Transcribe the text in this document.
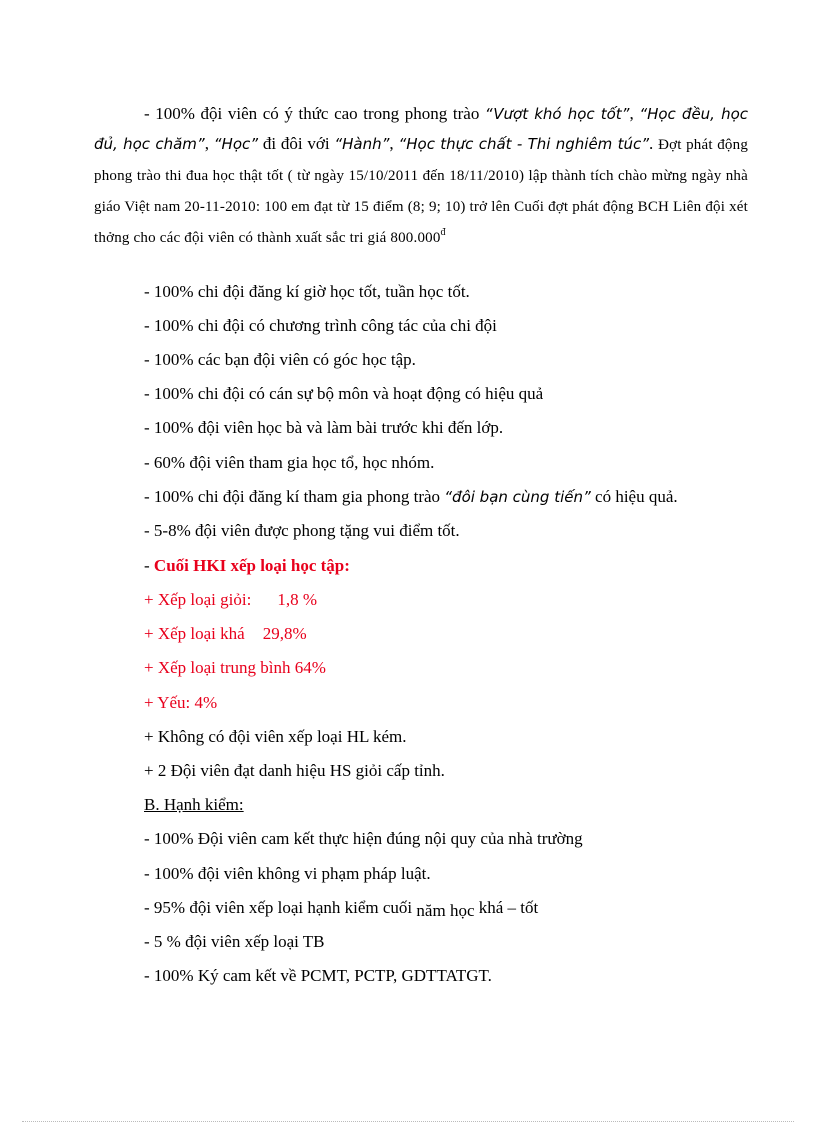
- 100% đội viên có ý thức cao trong phong trào “Vượt khó học tốt”, “Học đều, học đủ, học chăm”, “Học” đi đôi với “Hành”, “Học thực chất - Thi nghiêm túc”. Đợt phát động phong trào thi đua học thật tốt ( từ ngày 15/10/2011 đến 18/11/2010) lập thành tích chào mừng ngày nhà giáo Việt nam 20-11-2010: 100 em đạt từ 15 điểm (8; 9; 10) trở lên Cuối đợt phát động BCH Liên đội xét thởng cho các đội viên có thành xuất sắc tri giá $800.000^đ$
- 100% chi đội đăng kí giờ học tốt, tuần học tốt.
- 100% chi đội có chương trình công tác của chi đội
- 100% các bạn đội viên có góc học tập.
- 100% chi đội có cán sự bộ môn và hoạt động có hiệu quả
- 100% đội viên học bà và làm bài trước khi đến lớp.
- 60% đội viên tham gia học tổ, học nhóm.
- 100% chi đội đăng kí tham gia phong trào “đôi bạn cùng tiến” có hiệu quả.
- 5-8% đội viên được phong tặng vui điểm tốt.
- Cuối HKI xếp loại học tập:
+ Xếp loại giỏi: 1,8 %
+ Xếp loại khá 29,8%
+ Xếp loại trung bình 64%
+ Yếu: 4%
+ Không có đội viên xếp loại HL kém.
+ 2 Đội viên đạt danh hiệu HS giỏi cấp tỉnh.
B. Hạnh kiểm:
- 100% Đội viên cam kết thực hiện đúng nội quy của nhà trường
- 100% đội viên không vi phạm pháp luật.
- 95% đội viên xếp loại hạnh kiểm cuối năm học khá – tốt
- 5 % đội viên xếp loại TB
- 100% Ký cam kết về PCMT, PCTP, GDTTATGT.
